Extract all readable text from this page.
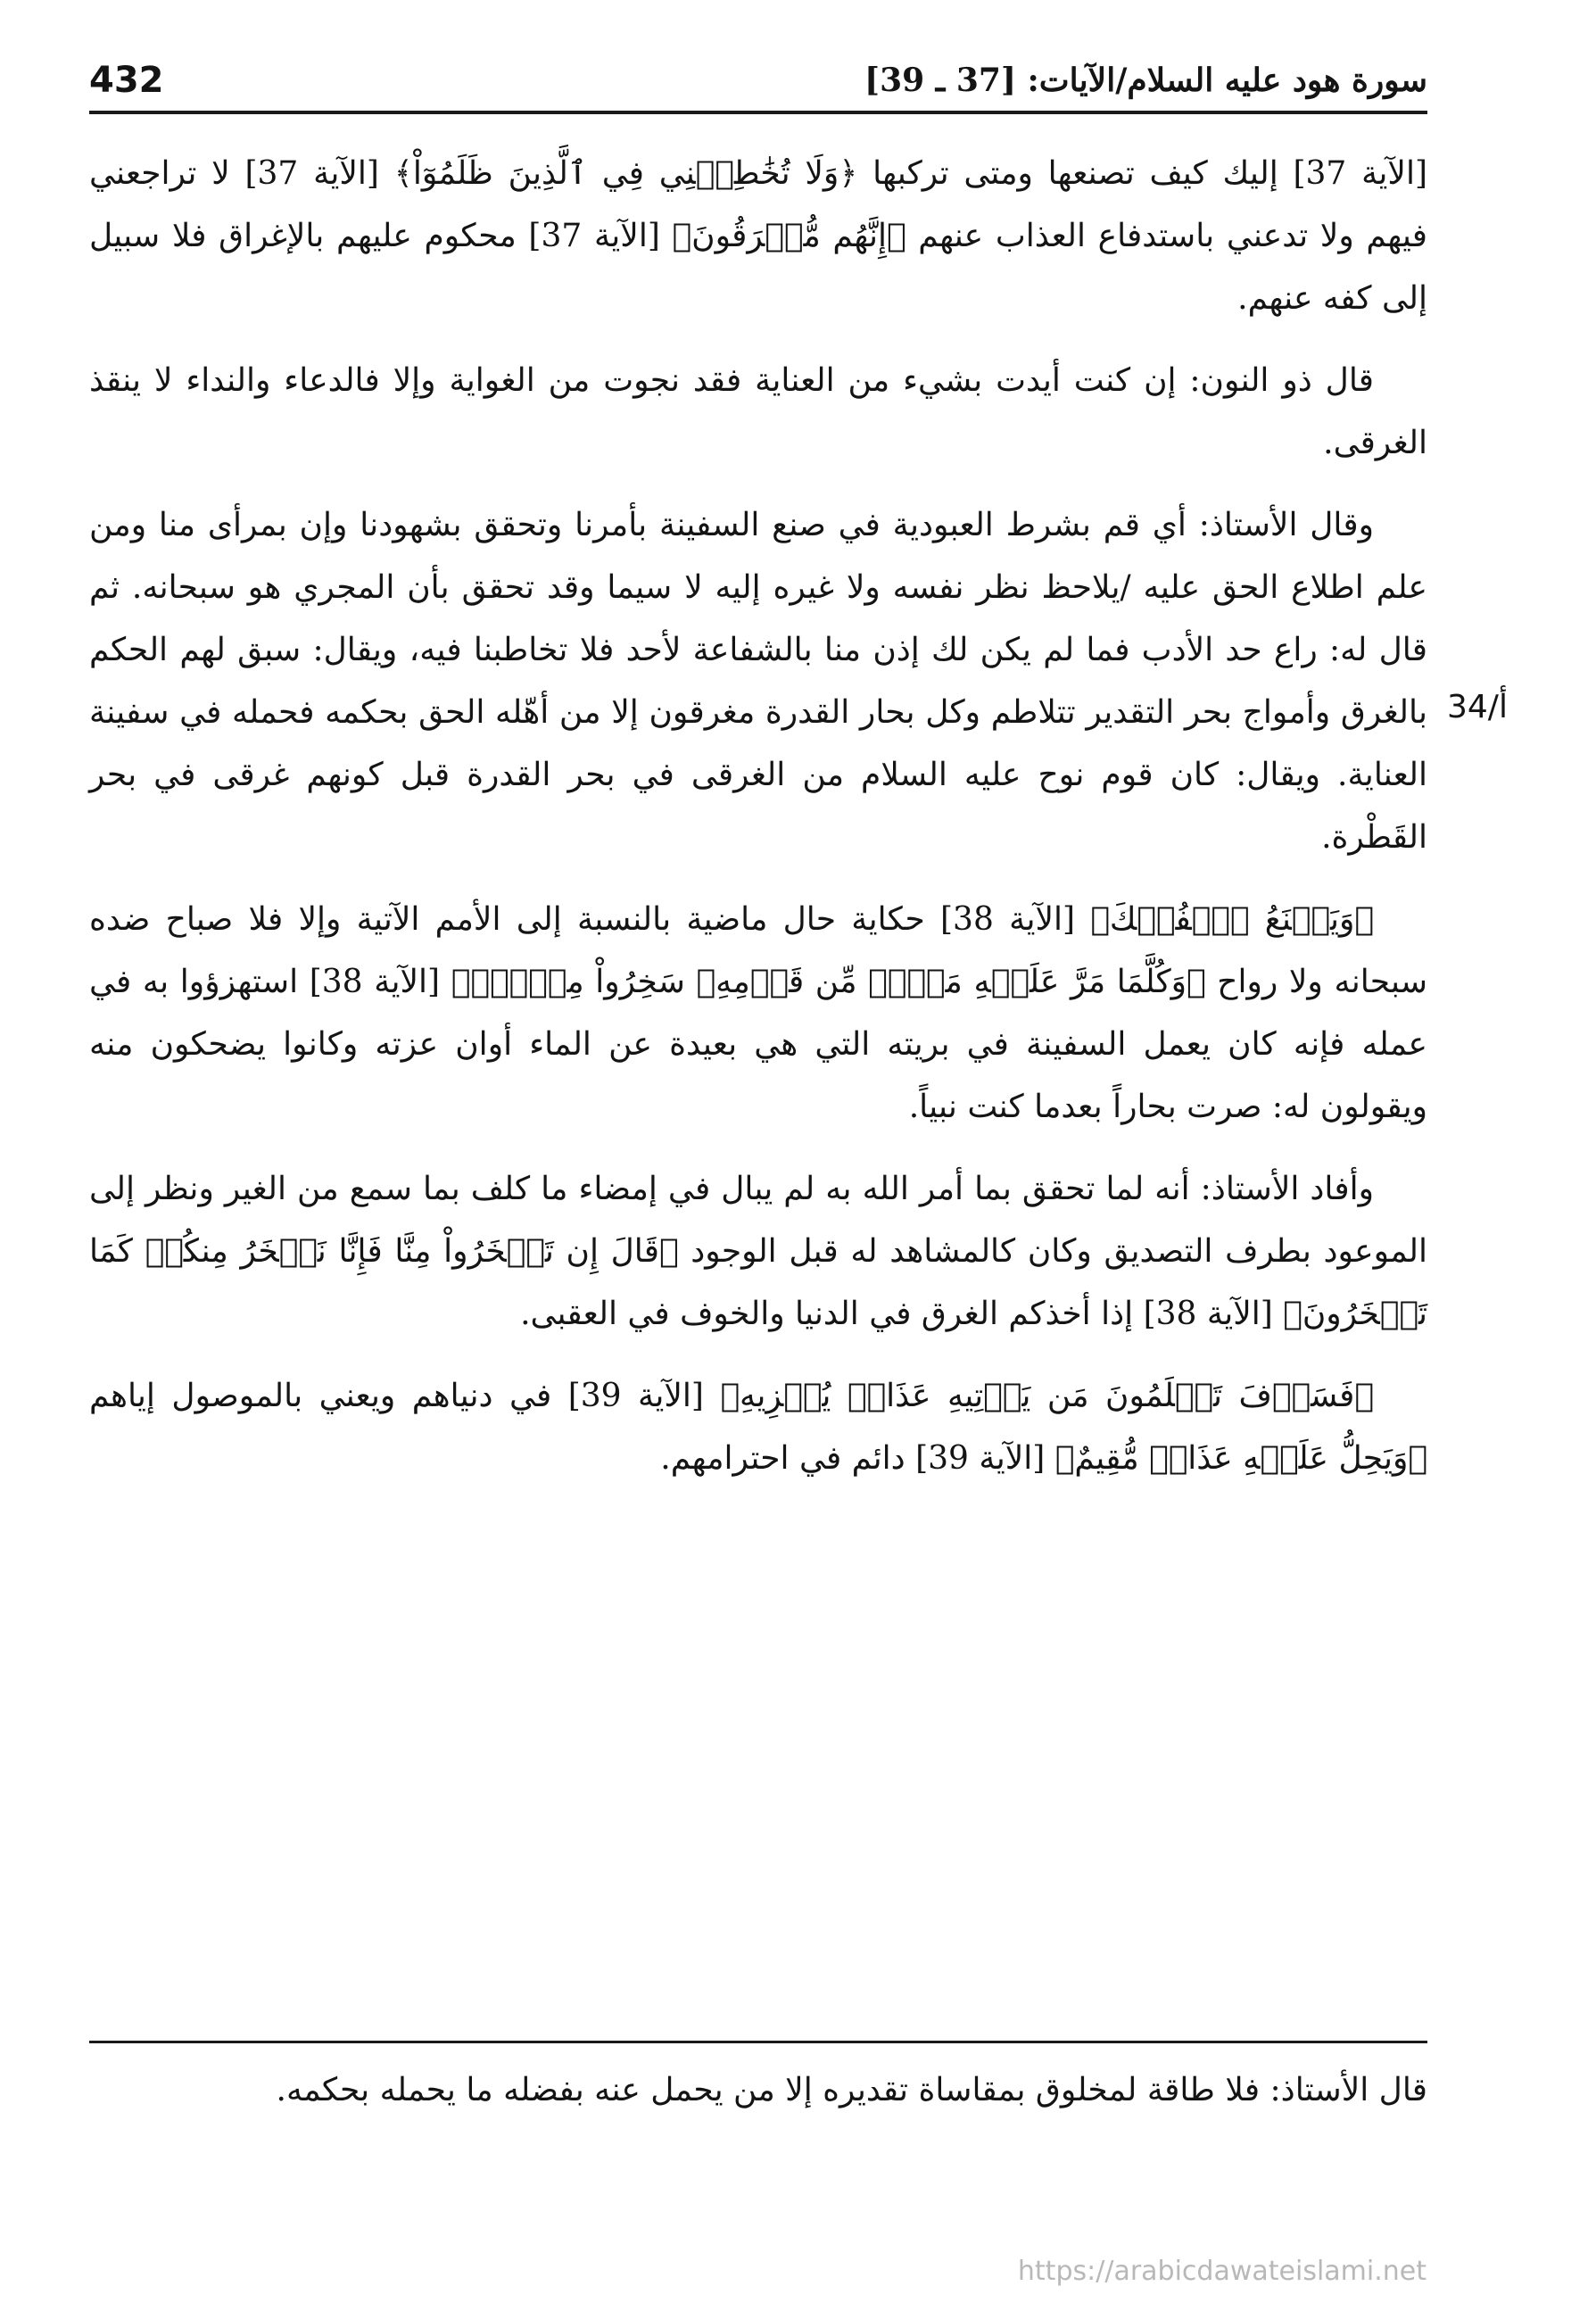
432	سورة هود عليه السلام/الآيات: [37 ـ 39]

[الآية 37] إليك كيف تصنعها ومتى تركبها ﴿وَلَا تُخَٰطِبۡنِي فِي ٱلَّذِينَ ظَلَمُوٓاْ﴾ [الآية 37] لا تراجعني فيهم ولا تدعني باستدفاع العذاب عنهم ﴿إِنَّهُم مُّغۡرَقُونَ﴾ [الآية 37] محكوم عليهم بالإغراق فلا سبيل إلى كفه عنهم.

قال ذو النون: إن كنت أيدت بشيء من العناية فقد نجوت من الغواية وإلا فالدعاء والنداء لا ينقذ الغرقى.

وقال الأستاذ: أي قم بشرط العبودية في صنع السفينة بأمرنا وتحقق بشهودنا وإن بمرأى منا ومن علم اطلاع الحق عليه /يلاحظ نظر نفسه ولا غيره إليه لا سيما وقد تحقق بأن المجري هو سبحانه. ثم قال له: راع حد الأدب فما لم يكن لك إذن منا بالشفاعة لأحد فلا تخاطبنا فيه، ويقال: سبق لهم الحكم بالغرق وأمواج بحر التقدير تتلاطم وكل بحار القدرة مغرقون إلا من أهّله الحق بحكمه فحمله في سفينة العناية. ويقال: كان قوم نوح عليه السلام من الغرقى في بحر القدرة قبل كونهم غرقى في بحر القَطْرة.

﴿وَيَصۡنَعُ ٱلۡفُلۡكَ﴾ [الآية 38] حكاية حال ماضية بالنسبة إلى الأمم الآتية وإلا فلا صباح ضده سبحانه ولا رواح ﴿وَكُلَّمَا مَرَّ عَلَيۡهِ مَلَأٞ مِّن قَوۡمِهِۦ سَخِرُواْ مِنۡهُۚ﴾ [الآية 38] استهزؤوا به في عمله فإنه كان يعمل السفينة في بريته التي هي بعيدة عن الماء أوان عزته وكانوا يضحكون منه ويقولون له: صرت بحاراً بعدما كنت نبياً.

وأفاد الأستاذ: أنه لما تحقق بما أمر الله به لم يبال في إمضاء ما كلف بما سمع من الغير ونظر إلى الموعود بطرف التصديق وكان كالمشاهد له قبل الوجود ﴿قَالَ إِن تَسۡخَرُواْ مِنَّا فَإِنَّا نَسۡخَرُ مِنكُمۡ كَمَا تَسۡخَرُونَ﴾ [الآية 38] إذا أخذكم الغرق في الدنيا والخوف في العقبى.

﴿فَسَوۡفَ تَعۡلَمُونَ مَن يَأۡتِيهِ عَذَابٞ يُخۡزِيهِ﴾ [الآية 39] في دنياهم ويعني بالموصول إياهم ﴿وَيَحِلُّ عَلَيۡهِ عَذَابٞ مُّقِيمٌ﴾ [الآية 39] دائم في احترامهم.

قال الأستاذ: فلا طاقة لمخلوق بمقاساة تقديره إلا من يحمل عنه بفضله ما يحمله بحكمه.

34/أ
https://arabicdawateislami.net
